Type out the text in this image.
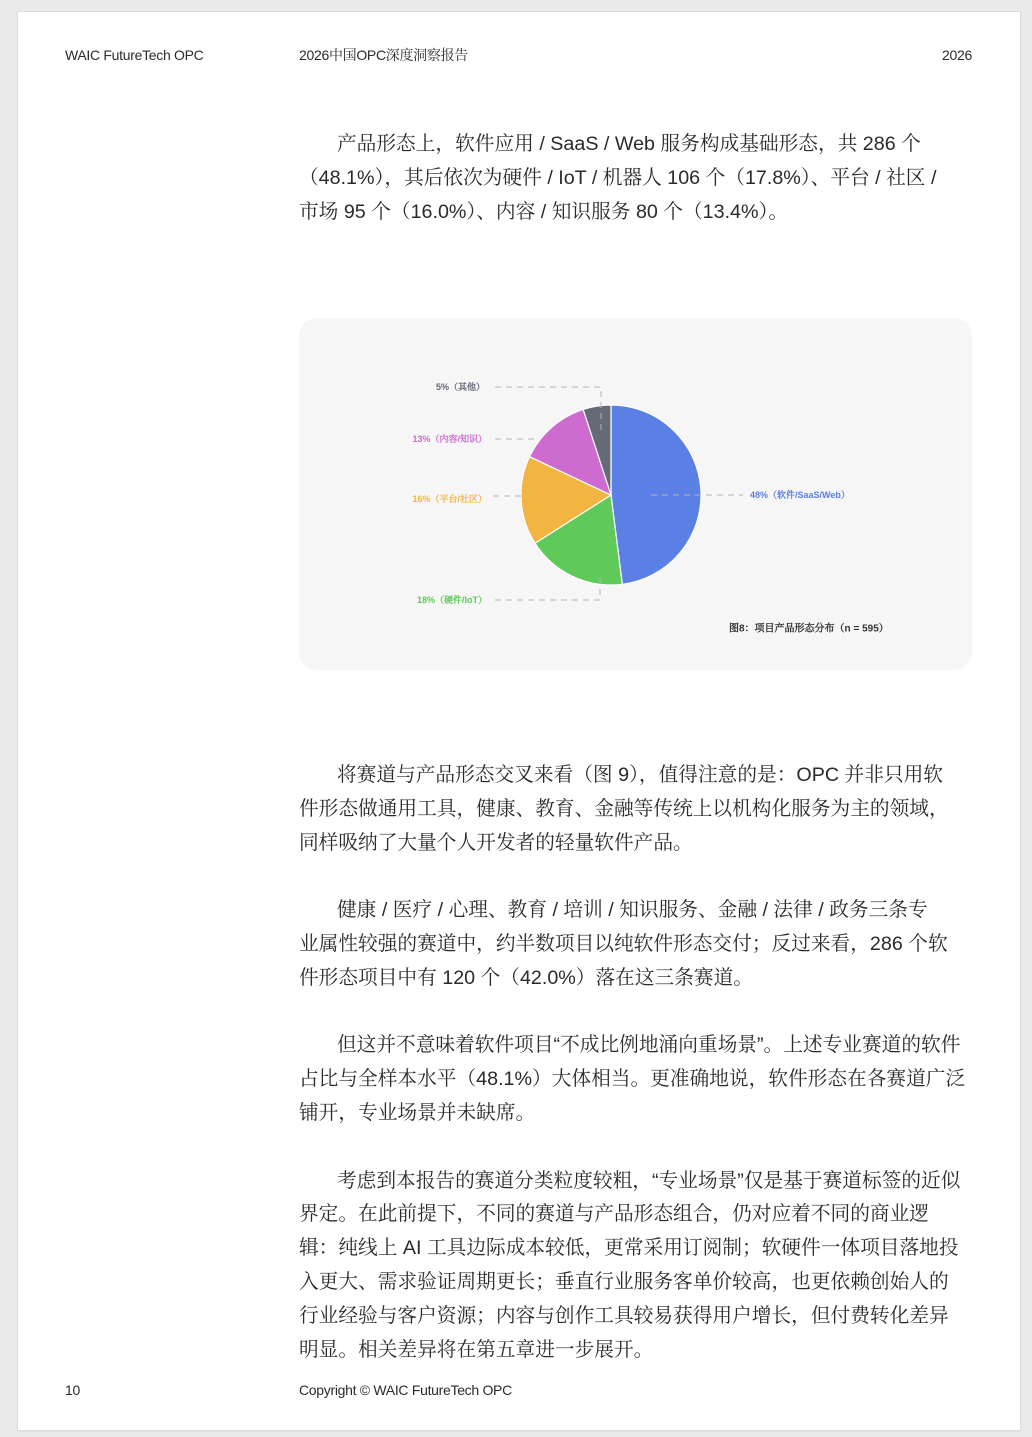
WAIC FutureTech OPC	2026中国OPC深度洞察报告	2026
产品形态上，软件应用 / SaaS / Web 服务构成基础形态，共 286 个
（48.1%），其后依次为硬件 / IoT / 机器人 106 个（17.8%）、平台 / 社区 /
市场 95 个（16.0%）、内容 / 知识服务 80 个（13.4%）。
5%（其他）
13%（内容/知识）
16%（平台/社区）
18%（硬件/IoT）
48%（软件/SaaS/Web）
图8：项目产品形态分布（n = 595）
将赛道与产品形态交叉来看（图 9），值得注意的是：OPC 并非只用软
件形态做通用工具，健康、教育、金融等传统上以机构化服务为主的领域，
同样吸纳了大量个人开发者的轻量软件产品。
健康 / 医疗 / 心理、教育 / 培训 / 知识服务、金融 / 法律 / 政务三条专
业属性较强的赛道中，约半数项目以纯软件形态交付；反过来看，286 个软
件形态项目中有 120 个（42.0%）落在这三条赛道。
但这并不意味着软件项目“不成比例地涌向重场景”。上述专业赛道的软件
占比与全样本水平（48.1%）大体相当。更准确地说，软件形态在各赛道广泛
铺开，专业场景并未缺席。
考虑到本报告的赛道分类粒度较粗，“专业场景”仅是基于赛道标签的近似
界定。在此前提下，不同的赛道与产品形态组合，仍对应着不同的商业逻
辑：纯线上 AI 工具边际成本较低，更常采用订阅制；软硬件一体项目落地投
入更大、需求验证周期更长；垂直行业服务客单价较高，也更依赖创始人的
行业经验与客户资源；内容与创作工具较易获得用户增长，但付费转化差异
明显。相关差异将在第五章进一步展开。
10	Copyright © WAIC FutureTech OPC
